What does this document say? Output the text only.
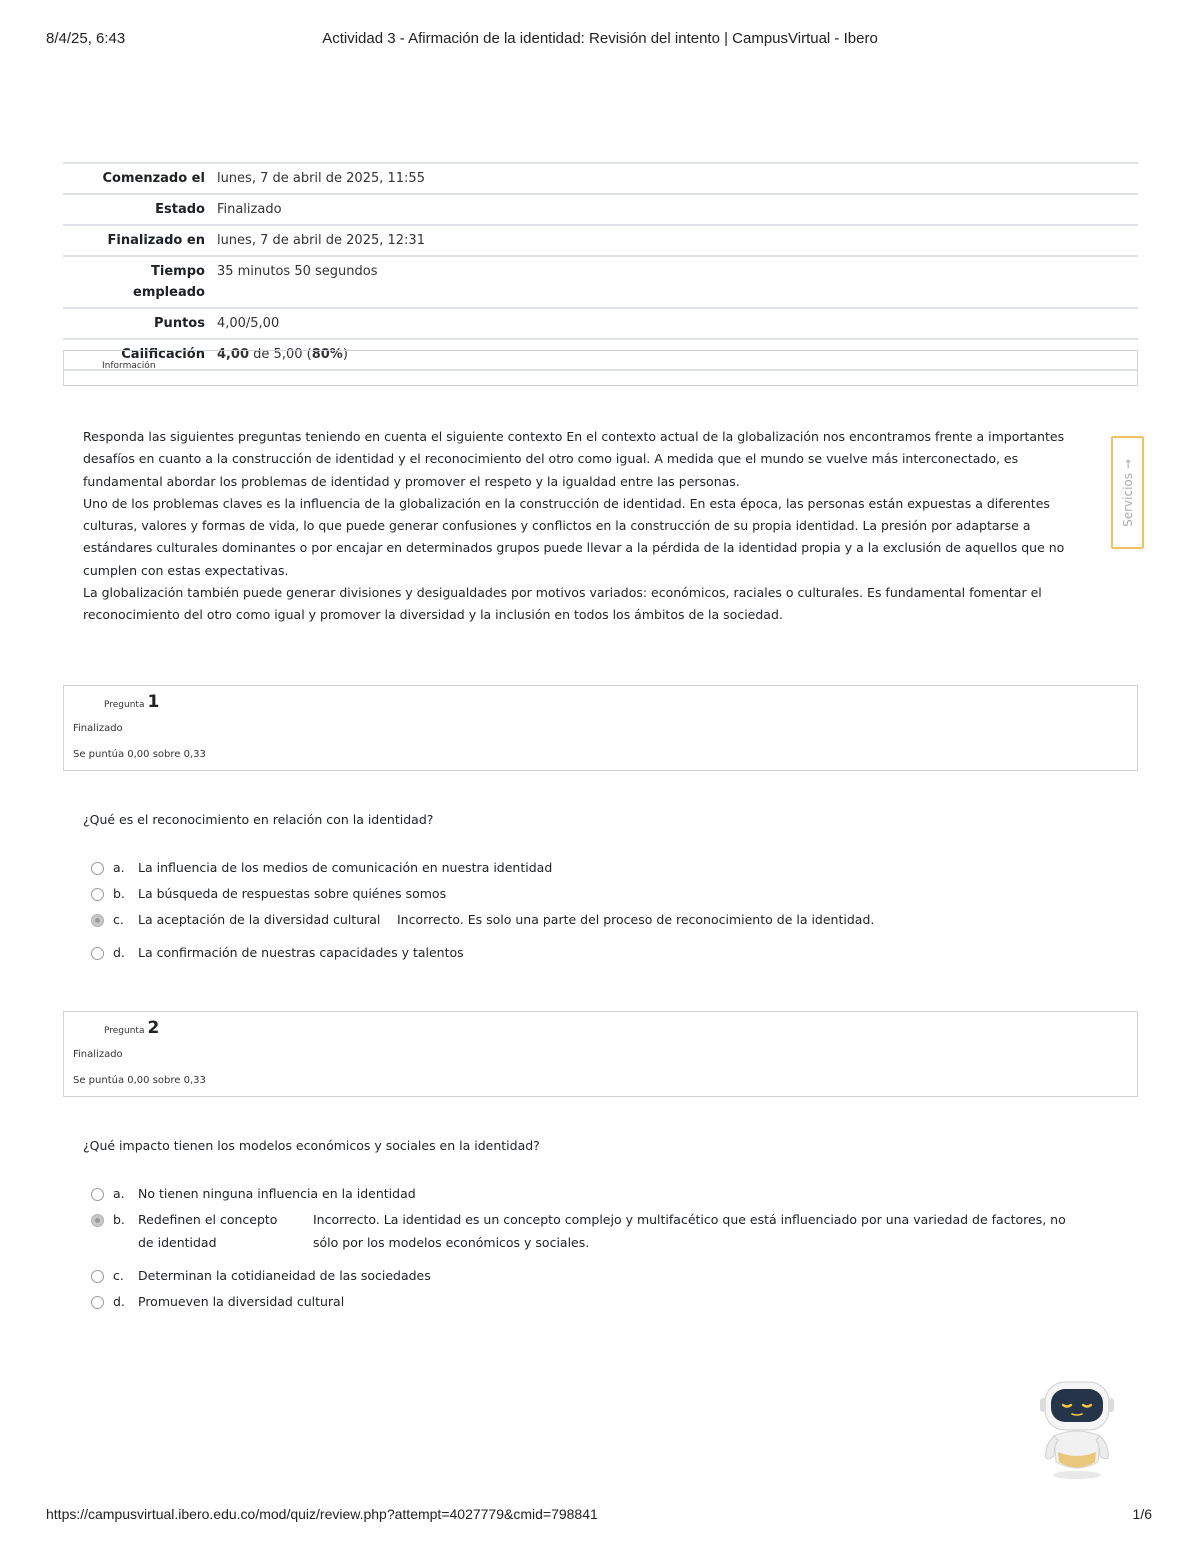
8/4/25, 6:43	Actividad 3 - Afirmación de la identidad: Revisión del intento | CampusVirtual - Ibero
Comenzado el	lunes, 7 de abril de 2025, 11:55
Estado	Finalizado
Finalizado en	lunes, 7 de abril de 2025, 12:31
Tiempo empleado	35 minutos 50 segundos
Puntos	4,00/5,00
Calificación	4,00 de 5,00 (80%)
Información
Responda las siguientes preguntas teniendo en cuenta el siguiente contexto En el contexto actual de la globalización nos encontramos frente a importantes desafíos en cuanto a la construcción de identidad y el reconocimiento del otro como igual. A medida que el mundo se vuelve más interconectado, es fundamental abordar los problemas de identidad y promover el respeto y la igualdad entre las personas.
Uno de los problemas claves es la influencia de la globalización en la construcción de identidad. En esta época, las personas están expuestas a diferentes culturas, valores y formas de vida, lo que puede generar confusiones y conflictos en la construcción de su propia identidad. La presión por adaptarse a estándares culturales dominantes o por encajar en determinados grupos puede llevar a la pérdida de la identidad propia y a la exclusión de aquellos que no cumplen con estas expectativas.
La globalización también puede generar divisiones y desigualdades por motivos variados: económicos, raciales o culturales. Es fundamental fomentar el reconocimiento del otro como igual y promover la diversidad y la inclusión en todos los ámbitos de la sociedad.
Servicios →
Pregunta 1
Finalizado
Se puntúa 0,00 sobre 0,33
¿Qué es el reconocimiento en relación con la identidad?
a. La influencia de los medios de comunicación en nuestra identidad
b. La búsqueda de respuestas sobre quiénes somos
c. La aceptación de la diversidad cultural Incorrecto. Es solo una parte del proceso de reconocimiento de la identidad.
d. La confirmación de nuestras capacidades y talentos
Pregunta 2
Finalizado
Se puntúa 0,00 sobre 0,33
¿Qué impacto tienen los modelos económicos y sociales en la identidad?
a. No tienen ninguna influencia en la identidad
b. Redefinen el concepto
de identidad
Incorrecto. La identidad es un concepto complejo y multifacético que está influenciado por una variedad de factores, no
sólo por los modelos económicos y sociales.
c. Determinan la cotidianeidad de las sociedades
d. Promueven la diversidad cultural
https://campusvirtual.ibero.edu.co/mod/quiz/review.php?attempt=4027779&cmid=798841	1/6
